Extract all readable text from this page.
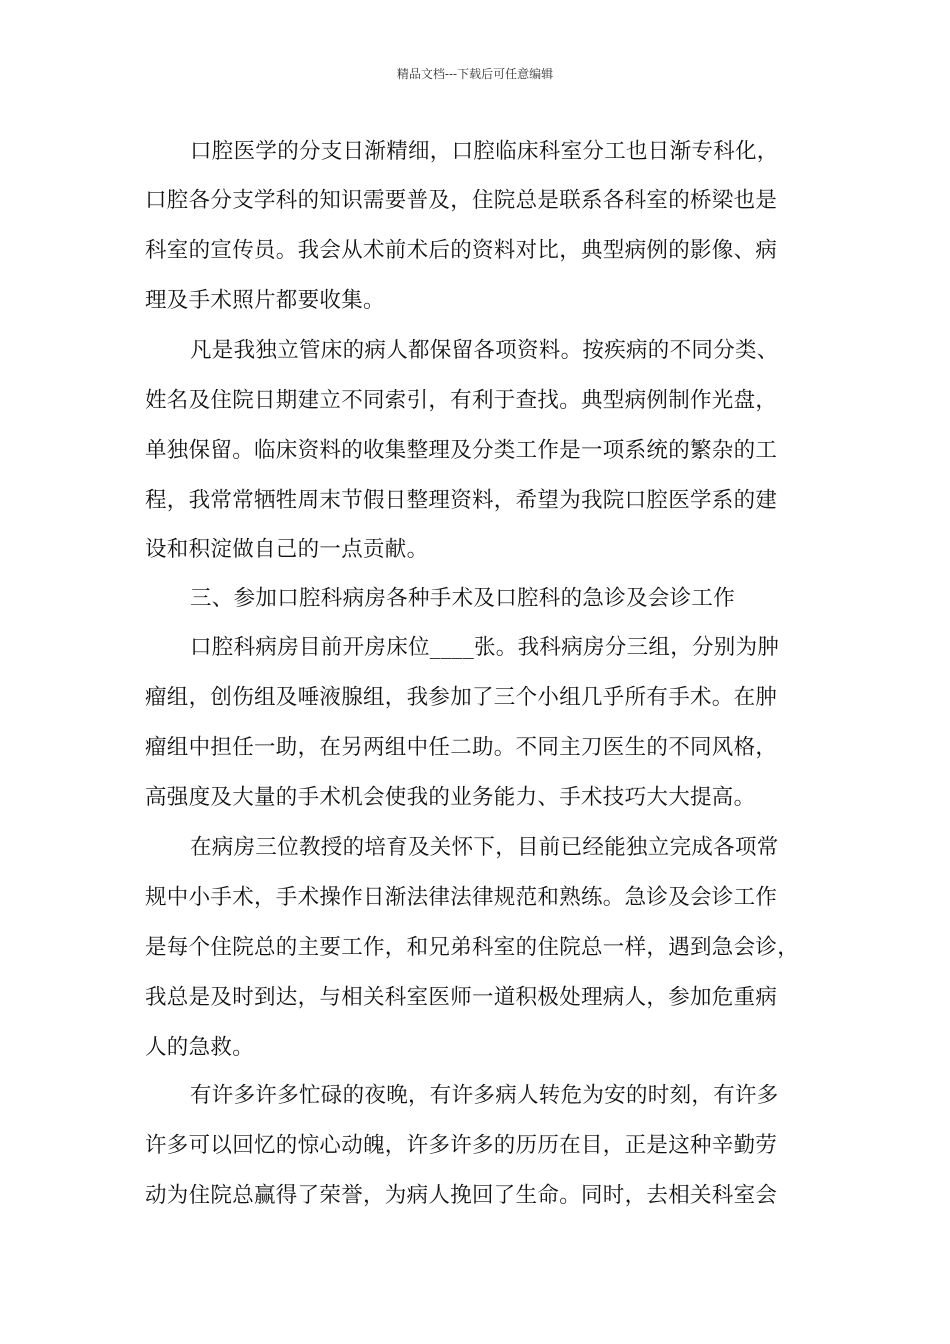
精品文档---下载后可任意编辑
口腔医学的分支日渐精细，口腔临床科室分工也日渐专科化，
口腔各分支学科的知识需要普及，住院总是联系各科室的桥梁也是
科室的宣传员。我会从术前术后的资料对比，典型病例的影像、病
理及手术照片都要收集。
凡是我独立管床的病人都保留各项资料。按疾病的不同分类、
姓名及住院日期建立不同索引，有利于查找。典型病例制作光盘，
单独保留。临床资料的收集整理及分类工作是一项系统的繁杂的工
程，我常常牺牲周末节假日整理资料，希望为我院口腔医学系的建
设和积淀做自己的一点贡献。
三、参加口腔科病房各种手术及口腔科的急诊及会诊工作
口腔科病房目前开房床位____张。我科病房分三组，分别为肿
瘤组，创伤组及唾液腺组，我参加了三个小组几乎所有手术。在肿
瘤组中担任一助，在另两组中任二助。不同主刀医生的不同风格，
高强度及大量的手术机会使我的业务能力、手术技巧大大提高。
在病房三位教授的培育及关怀下，目前已经能独立完成各项常
规中小手术，手术操作日渐法律法律规范和熟练。急诊及会诊工作
是每个住院总的主要工作，和兄弟科室的住院总一样，遇到急会诊，
我总是及时到达，与相关科室医师一道积极处理病人，参加危重病
人的急救。
有许多许多忙碌的夜晚，有许多病人转危为安的时刻，有许多
许多可以回忆的惊心动魄，许多许多的历历在目，正是这种辛勤劳
动为住院总赢得了荣誉，为病人挽回了生命。同时，去相关科室会
